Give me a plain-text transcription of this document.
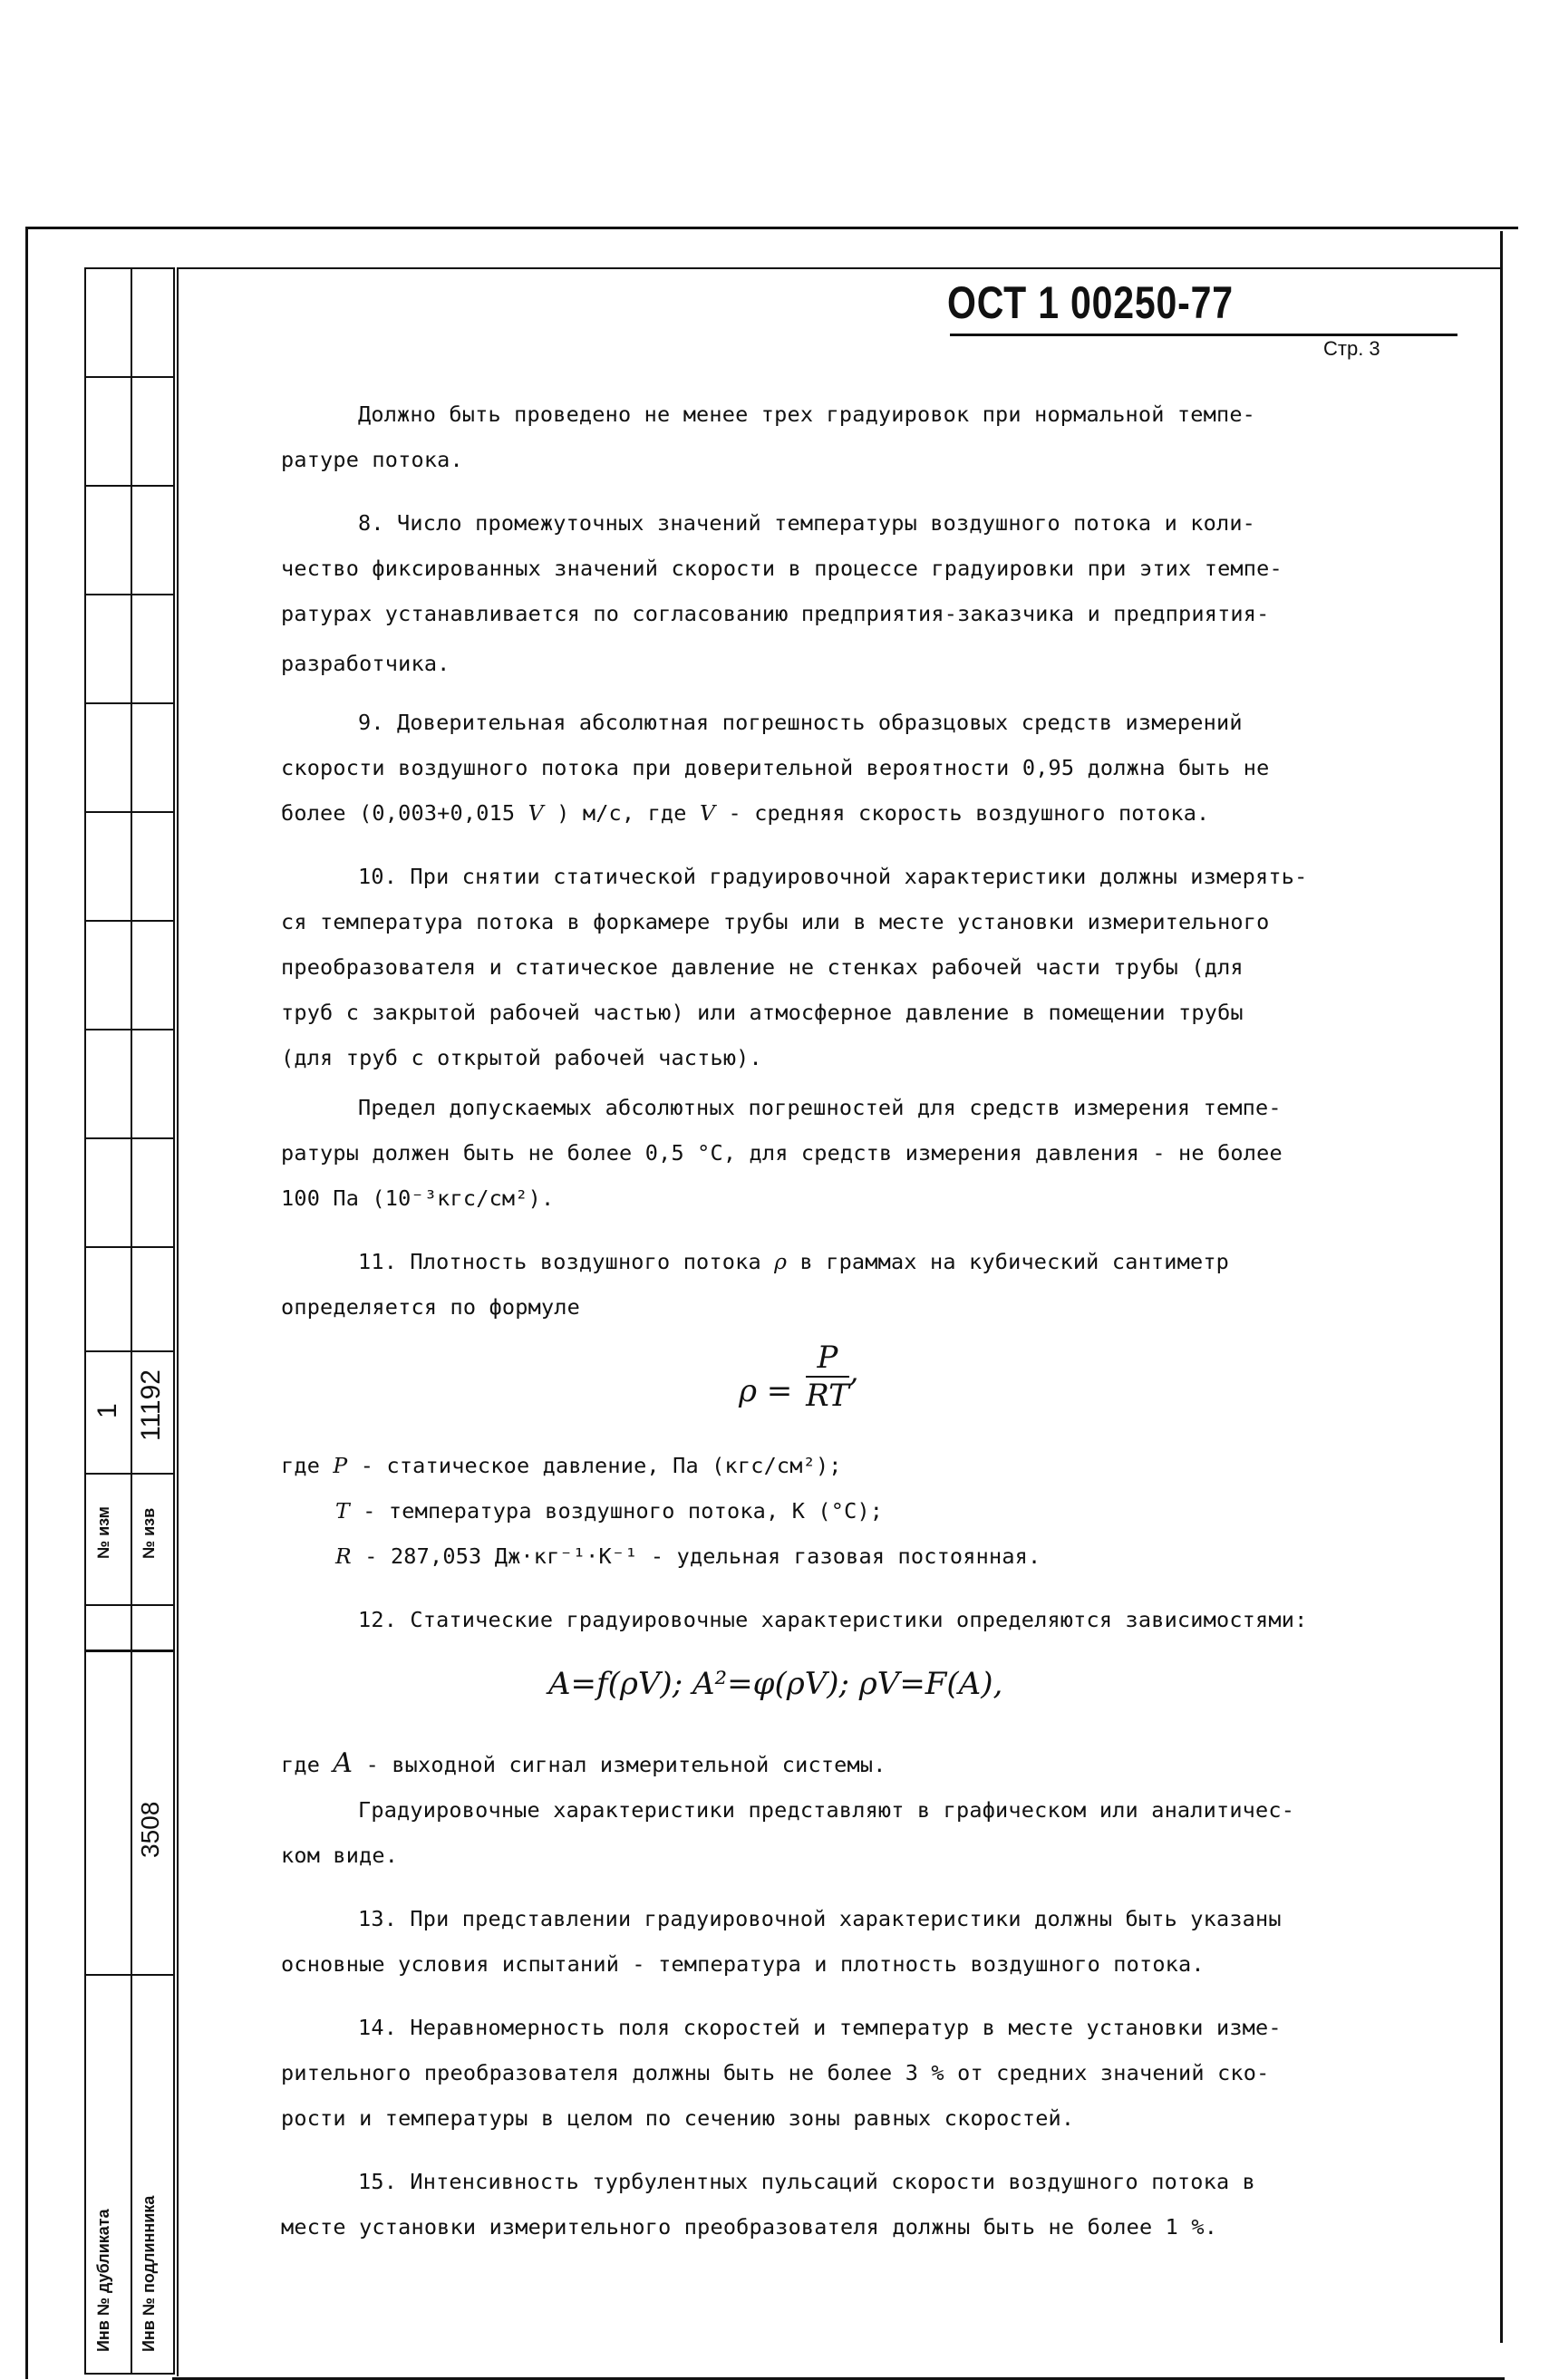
№ изм
1
№ изв
11192
3508
Инв № дубликата Инв № подлинника
ОСТ 1 00250-77
Стр. 3
Должно быть проведено не менее трех градуировок при нормальной темпе-
ратуре потока.
8. Число промежуточных значений температуры воздушного потока и коли-
чество фиксированных значений скорости в процессе градуировки при этих темпе-
ратурах устанавливается по согласованию предприятия-заказчика и предприятия-
разработчика.
9. Доверительная абсолютная погрешность образцовых средств измерений
скорости воздушного потока при доверительной вероятности 0,95 должна быть не
более (0,003+0,015 V ) м/с, где V - средняя скорость воздушного потока.
10. При снятии статической градуировочной характеристики должны измерять-
ся температура потока в форкамере трубы или в месте установки измерительного
преобразователя и статическое давление не стенках рабочей части трубы (для
труб с закрытой рабочей частью) или атмосферное давление в помещении трубы
(для труб с открытой рабочей частью).
Предел допускаемых абсолютных погрешностей для средств измерения темпе-
ратуры должен быть не более 0,5 °С, для средств измерения давления - не более
100 Па (10⁻³кгс/см²).
11. Плотность воздушного потока ρ в граммах на кубический сантиметр
определяется по формуле
$\rho = \frac{P}{RT}$ ,
где P - статическое давление, Па (кгс/см²);
T - температура воздушного потока, К (°С);
R - 287,053 Дж·кг⁻¹·К⁻¹ - удельная газовая постоянная.
12. Статические градуировочные характеристики определяются зависимостями:
A=f(ρV); A²=φ(ρV); ρV=F(A),
где A - выходной сигнал измерительной системы.
Градуировочные характеристики представляют в графическом или аналитичес-
ком виде.
13. При представлении градуировочной характеристики должны быть указаны
основные условия испытаний - температура и плотность воздушного потока.
14. Неравномерность поля скоростей и температур в месте установки изме-
рительного преобразователя должны быть не более 3 % от средних значений ско-
рости и температуры в целом по сечению зоны равных скоростей.
15. Интенсивность турбулентных пульсаций скорости воздушного потока в
месте установки измерительного преобразователя должны быть не более 1 %.
